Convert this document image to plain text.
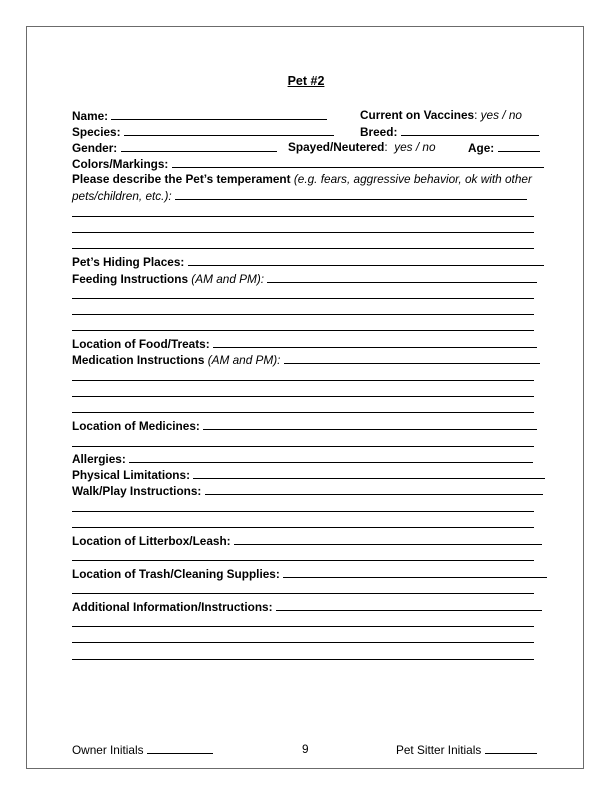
Pet #2
Name:	Current on Vaccines: yes / no
Species:	Breed:
Gender:	Spayed/Neutered:  yes / no	Age:
Colors/Markings:
Please describe the Pet’s temperament (e.g. fears, aggressive behavior, ok with other
pets/children, etc.):
Pet’s Hiding Places:
Feeding Instructions (AM and PM):
Location of Food/Treats:
Medication Instructions (AM and PM):
Location of Medicines:
Allergies:
Physical Limitations:
Walk/Play Instructions:
Location of Litterbox/Leash:
Location of Trash/Cleaning Supplies:
Additional Information/Instructions:
Owner Initials	9	Pet Sitter Initials
